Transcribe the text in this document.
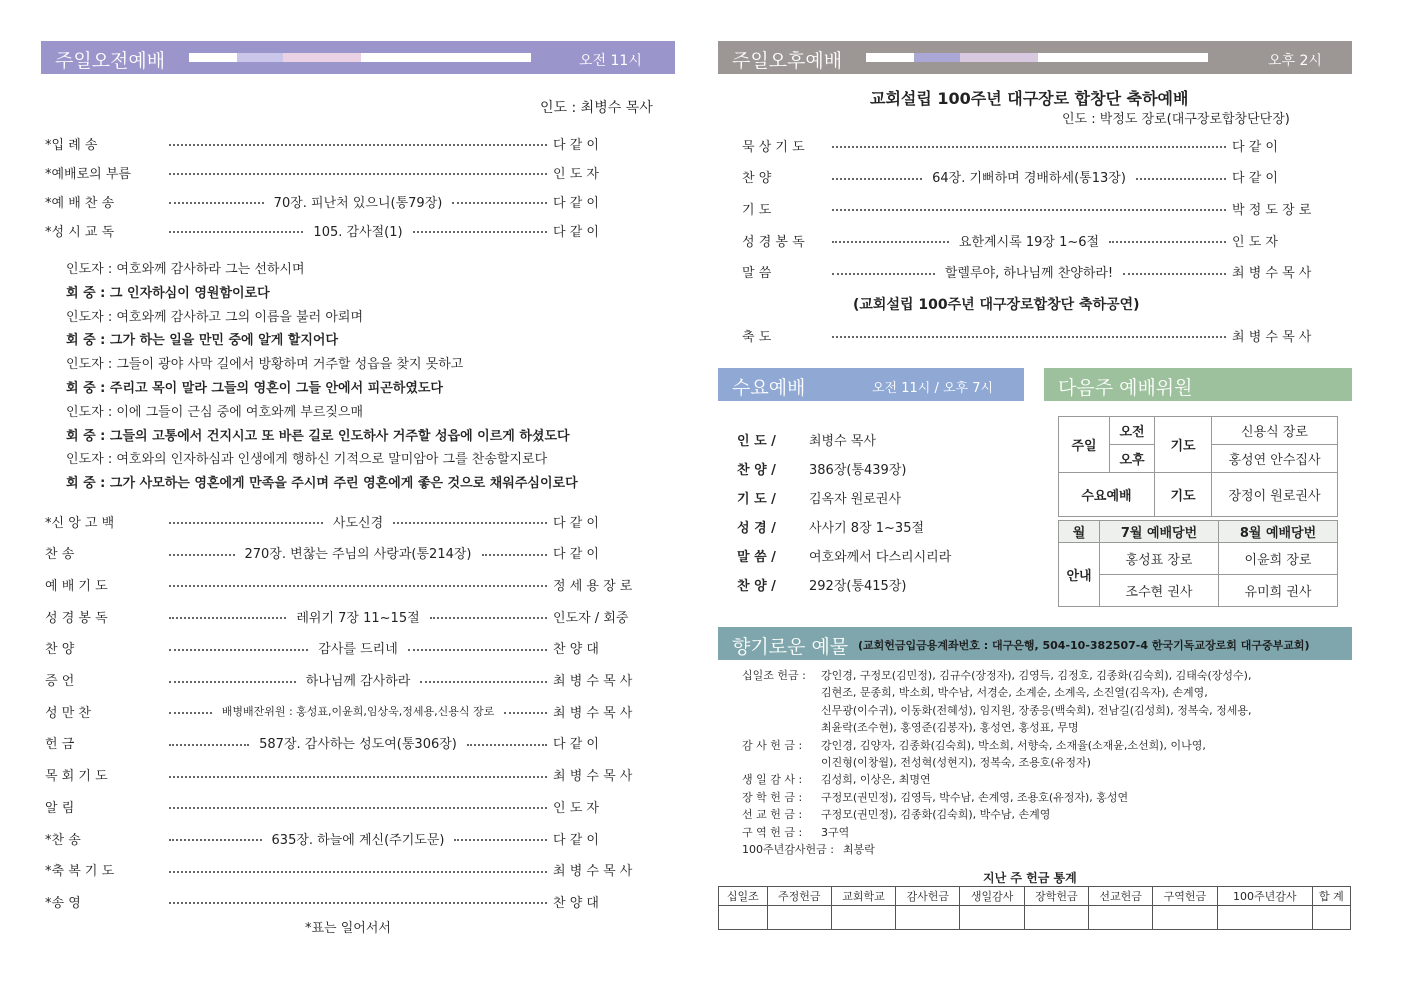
주일오전예배	오전 11시
인도 : 최병수 목사
*입 례 송	다 같 이
*예배로의 부름	인 도 자
*예 배 찬 송	70장. 피난처 있으니(통79장)	다 같 이
*성 시 교 독	105. 감사절(1)	다 같 이
인도자 : 여호와께 감사하라 그는 선하시며
회 중 : 그 인자하심이 영원함이로다
인도자 : 여호와께 감사하고 그의 이름을 불러 아뢰며
회 중 : 그가 하는 일을 만민 중에 알게 할지어다
인도자 : 그들이 광야 사막 길에서 방황하며 거주할 성읍을 찾지 못하고
회 중 : 주리고 목이 말라 그들의 영혼이 그들 안에서 피곤하였도다
인도자 : 이에 그들이 근심 중에 여호와께 부르짖으매
회 중 : 그들의 고통에서 건지시고 또 바른 길로 인도하사 거주할 성읍에 이르게 하셨도다
인도자 : 여호와의 인자하심과 인생에게 행하신 기적으로 말미암아 그를 찬송할지로다
회 중 : 그가 사모하는 영혼에게 만족을 주시며 주린 영혼에게 좋은 것으로 채워주심이로다
*신 앙 고 백	사도신경	다 같 이
찬 송	270장. 변찮는 주님의 사랑과(통214장)	다 같 이
예 배 기 도	정 세 용 장 로
성 경 봉 독	레위기 7장 11~15절	인도자 / 회중
찬 양	감사를 드리네	찬 양 대
증 언	하나님께 감사하라	최 병 수 목 사
성 만 찬	배병배잔위원 : 홍성표,이윤희,임상욱,정세용,신용식 장로	최 병 수 목 사
헌 금	587장. 감사하는 성도여(통306장)	다 같 이
목 회 기 도	최 병 수 목 사
알 림	인 도 자
*찬 송	635장. 하늘에 계신(주기도문)	다 같 이
*축 복 기 도	최 병 수 목 사
*송 영	찬 양 대
*표는 일어서서
주일오후예배	오후 2시
교회설립 100주년 대구장로 합창단 축하예배
인도 : 박정도 장로(대구장로합창단단장)
묵 상 기 도	다 같 이
찬 양	64장. 기뻐하며 경배하세(통13장)	다 같 이
기 도	박 정 도 장 로
성 경 봉 독	요한계시록 19장 1~6절	인 도 자
말 씀	할렐루야, 하나님께 찬양하라!	최 병 수 목 사
(교회설립 100주년 대구장로합창단 축하공연)
축 도	최 병 수 목 사
수요예배	오전 11시 / 오후 7시
인 도 /	최병수 목사
찬 양 /	386장(통439장)
기 도 /	김옥자 원로권사
성 경 /	사사기 8장 1~35절
말 씀 /	여호와께서 다스리시리라
찬 양 /	292장(통415장)
다음주 예배위원
주일	오전	기도	신용식 장로
	오후		홍성연 안수집사
수요예배		기도	장정이 원로권사
월	7월 예배당번	8월 예배당번
안내	홍성표 장로	이윤희 장로
	조수현 권사	유미희 권사
향기로운 예물 (교회헌금입금용계좌번호 : 대구은행, 504-10-382507-4 한국기독교장로회 대구중부교회)
십일조 헌금 : 강인경, 구정모(김민정), 김규수(장정자), 김영득, 김정호, 김종화(김숙희), 김태숙(장성수),
김현조, 문종희, 박소희, 박수남, 서경순, 소계순, 소계옥, 소진열(김옥자), 손계영,
신무광(이수귀), 이동화(전혜성), 임지원, 장종응(백숙희), 전남길(김성희), 정복숙, 정세용,
최윤락(조수현), 홍영준(김봉자), 홍성연, 홍성표, 무명
감 사 헌 금 : 강인경, 김양자, 김종화(김숙희), 박소희, 서향숙, 소재율(소재윤,소선희), 이나영,
이진형(이창월), 전성혁(성현지), 정복숙, 조용호(유정자)
생 일 감 사 : 김성희, 이상은, 최명연
장 학 헌 금 : 구정모(권민정), 김영득, 박수남, 손계영, 조용호(유정자), 홍성연
선 교 헌 금 : 구정모(권민정), 김종화(김숙희), 박수남, 손계영
구 역 헌 금 : 3구역
100주년감사헌금 : 최봉락
지난 주 헌금 통계
십일조	주정헌금	교회학교	감사헌금	생일감사	장학헌금	선교헌금	구역헌금	100주년감사	합 계
